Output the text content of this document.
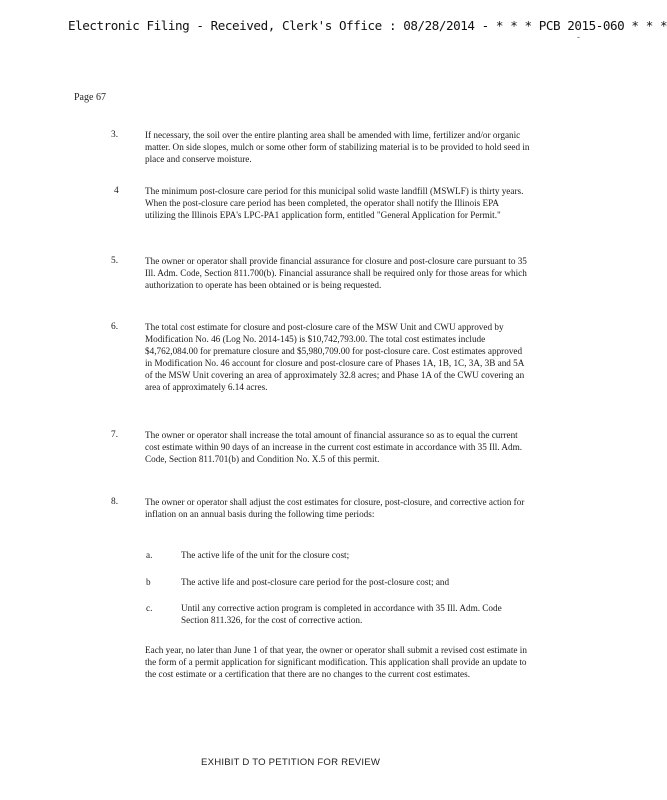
Electronic Filing - Received, Clerk's Office : 08/28/2014 - * * * PCB 2015-060 * * *
-
Page 67
3.	If necessary, the soil over the entire planting area shall be amended with lime, fertilizer and/or organic matter. On side slopes, mulch or some other form of stabilizing material is to be provided to hold seed in place and conserve moisture.
4	The minimum post-closure care period for this municipal solid waste landfill (MSWLF) is thirty years. When the post-closure care period has been completed, the operator shall notify the Illinois EPA utilizing the Illinois EPA's LPC-PA1 application form, entitled "General Application for Permit."
5.	The owner or operator shall provide financial assurance for closure and post-closure care pursuant to 35 Ill. Adm. Code, Section 811.700(b). Financial assurance shall be required only for those areas for which authorization to operate has been obtained or is being requested.
6.	The total cost estimate for closure and post-closure care of the MSW Unit and CWU approved by Modification No. 46 (Log No. 2014-145) is $10,742,793.00. The total cost estimates include $4,762,084.00 for premature closure and $5,980,709.00 for post-closure care. Cost estimates approved in Modification No. 46 account for closure and post-closure care of Phases 1A, 1B, 1C, 3A, 3B and 5A of the MSW Unit covering an area of approximately 32.8 acres; and Phase 1A of the CWU covering an area of approximately 6.14 acres.
7.	The owner or operator shall increase the total amount of financial assurance so as to equal the current cost estimate within 90 days of an increase in the current cost estimate in accordance with 35 Ill. Adm. Code, Section 811.701(b) and Condition No. X.5 of this permit.
8.	The owner or operator shall adjust the cost estimates for closure, post-closure, and corrective action for inflation on an annual basis during the following time periods:
a.	The active life of the unit for the closure cost;
b	The active life and post-closure care period for the post-closure cost; and
c.	Until any corrective action program is completed in accordance with 35 Ill. Adm. Code Section 811.326, for the cost of corrective action.
Each year, no later than June 1 of that year, the owner or operator shall submit a revised cost estimate in the form of a permit application for significant modification. This application shall provide an update to the cost estimate or a certification that there are no changes to the current cost estimates.
EXHIBIT D TO PETITION FOR REVIEW
